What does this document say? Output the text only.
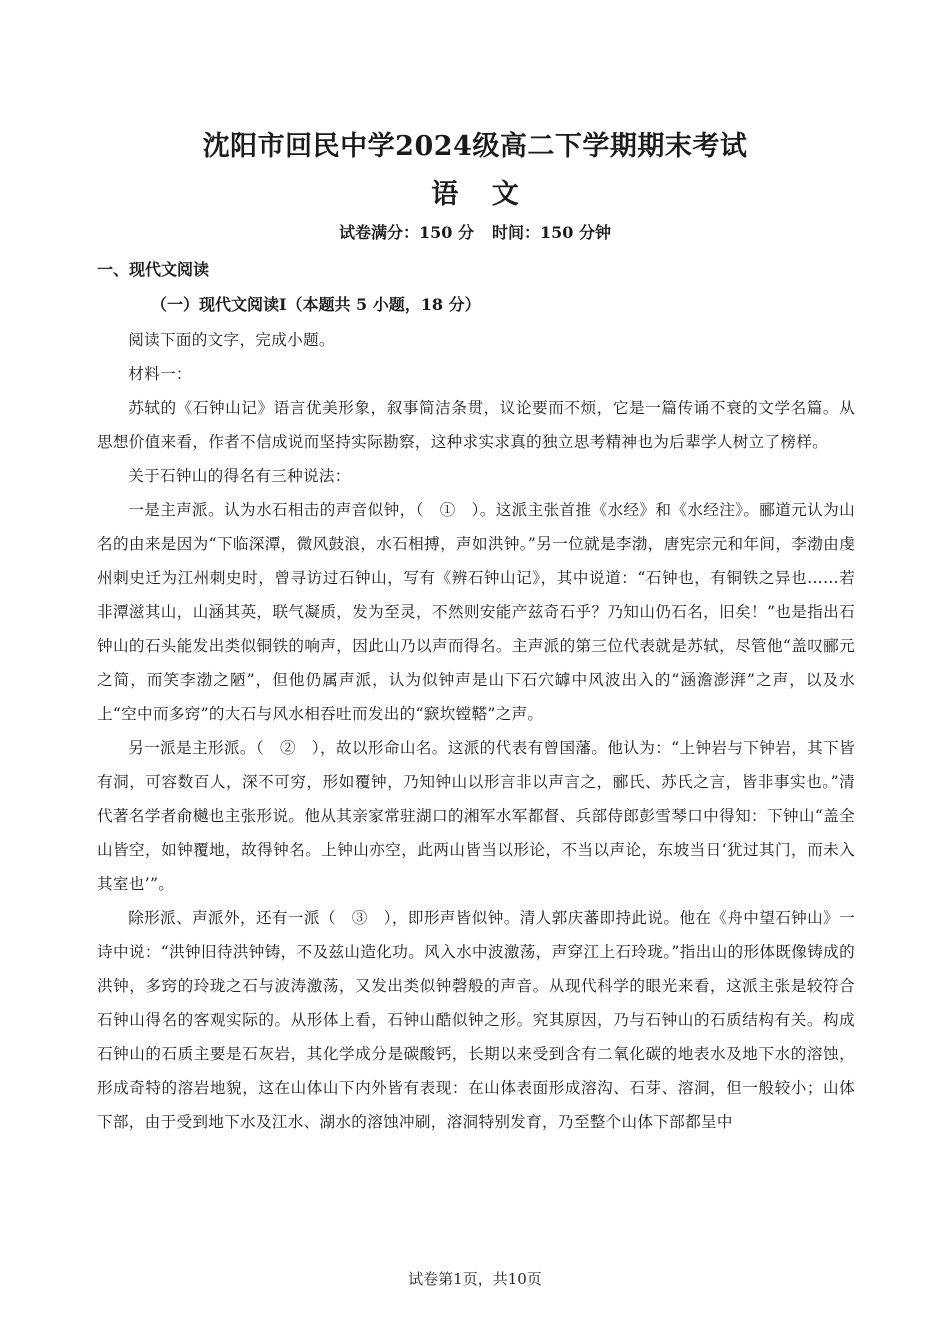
沈阳市回民中学2024级高二下学期期末考试
语 文
试卷满分：150 分 时间：150 分钟
一、现代文阅读
（一）现代文阅读I（本题共 5 小题，18 分）

阅读下面的文字，完成小题。

材料一：

苏轼的《石钟山记》语言优美形象，叙事简洁条贯，议论要而不烦，它是一篇传诵不衰的文学名篇。从思想价值来看，作者不信成说而坚持实际勘察，这种求实求真的独立思考精神也为后辈学人树立了榜样。

关于石钟山的得名有三种说法：

一是主声派。认为水石相击的声音似钟，（　①　）。这派主张首推《水经》和《水经注》。郦道元认为山名的由来是因为“下临深潭，微风鼓浪，水石相搏，声如洪钟。”另一位就是李渤，唐宪宗元和年间，李渤由虔州刺史迁为江州刺史时，曾寻访过石钟山，写有《辨石钟山记》，其中说道：“石钟也，有铜铁之异也……若非潭滋其山，山涵其英，联气凝质，发为至灵，不然则安能产兹奇石乎？乃知山仍石名，旧矣！”也是指出石钟山的石头能发出类似铜铁的响声，因此山乃以声而得名。主声派的第三位代表就是苏轼，尽管他“盖叹郦元之简，而笑李渤之陋”，但他仍属声派，认为似钟声是山下石穴罅中风波出入的“涵澹澎湃”之声，以及水上“空中而多窍”的大石与风水相吞吐而发出的“窾坎镗鞳”之声。

另一派是主形派。（　②　），故以形命山名。这派的代表有曾国藩。他认为：“上钟岩与下钟岩，其下皆有洞，可容数百人，深不可穷，形如覆钟，乃知钟山以形言非以声言之，郦氏、苏氏之言，皆非事实也。”清代著名学者俞樾也主张形说。他从其亲家常驻湖口的湘军水军都督、兵部侍郎彭雪琴口中得知：下钟山“盖全山皆空，如钟覆地，故得钟名。上钟山亦空，此两山皆当以形论，不当以声论，东坡当日‘犹过其门，而未入其室也’”。

除形派、声派外，还有一派（　③　），即形声皆似钟。清人郭庆蕃即持此说。他在《舟中望石钟山》一诗中说：“洪钟旧待洪钟铸，不及兹山造化功。风入水中波激荡，声穿江上石玲珑。”指出山的形体既像铸成的洪钟，多窍的玲珑之石与波涛激荡，又发出类似钟磬般的声音。从现代科学的眼光来看，这派主张是较符合石钟山得名的客观实际的。从形体上看，石钟山酷似钟之形。究其原因，乃与石钟山的石质结构有关。构成石钟山的石质主要是石灰岩，其化学成分是碳酸钙，长期以来受到含有二氧化碳的地表水及地下水的溶蚀，形成奇特的溶岩地貌，这在山体山下内外皆有表现：在山体表面形成溶沟、石芽、溶洞，但一般较小；山体下部，由于受到地下水及江水、湖水的溶蚀冲刷，溶洞特别发育，乃至整个山体下部都呈中

试卷第1页，共10页
